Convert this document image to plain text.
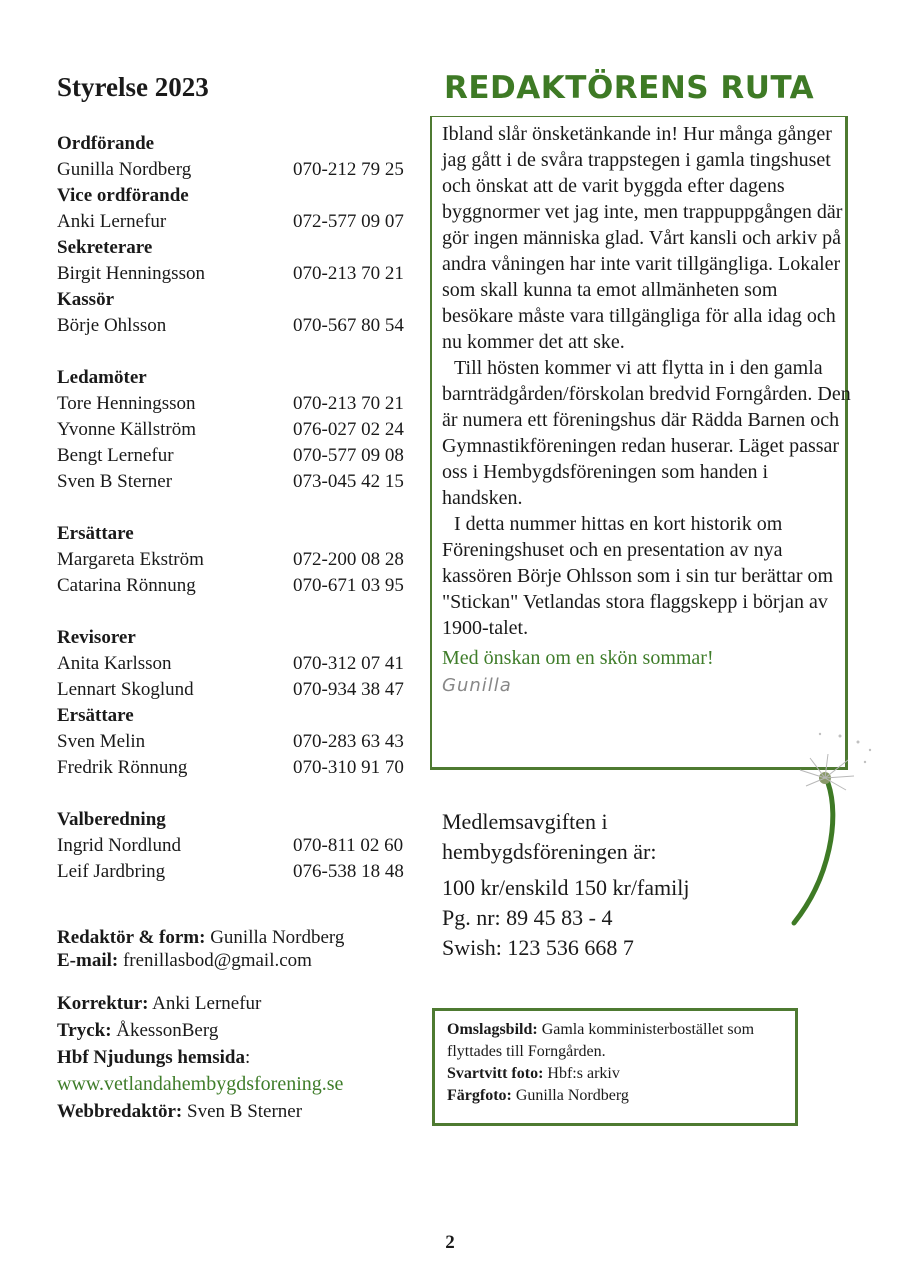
Styrelse 2023
Ordförande
Gunilla Nordberg	070-212 79 25
Vice ordförande
Anki Lernefur	072-577 09 07
Sekreterare
Birgit Henningsson	070-213 70 21
Kassör
Börje Ohlsson	070-567 80 54
Ledamöter
Tore Henningsson	070-213 70 21
Yvonne Källström	076-027 02 24
Bengt Lernefur	070-577 09 08
Sven B Sterner	073-045 42 15
Ersättare
Margareta Ekström	072-200 08 28
Catarina Rönnung	070-671 03 95
Revisorer
Anita Karlsson	070-312 07 41
Lennart Skoglund	070-934 38 47
Ersättare
Sven Melin	070-283 63 43
Fredrik Rönnung	070-310 91 70
Valberedning
Ingrid Nordlund	070-811 02 60
Leif Jardbring	076-538 18 48
Redaktör & form: Gunilla Nordberg
E-mail: frenillasbod@gmail.com
Korrektur: Anki Lernefur
Tryck: ÅkessonBerg
Hbf Njudungs hemsida:
www.vetlandahembygdsforening.se
Webbredaktör: Sven B Sterner
REDAKTÖRENS RUTA

Ibland slår önsketänkande in! Hur många gånger jag gått i de svåra trappstegen i gamla tingshuset och önskat att de varit byggda efter dagens byggnormer vet jag inte, men trappuppgången där gör ingen människa glad. Vårt kansli och arkiv på andra våningen har inte varit tillgängliga. Lokaler som skall kunna ta emot allmänheten som besökare måste vara tillgängliga för alla idag och nu kommer det att ske.

Till hösten kommer vi att flytta in i den gamla barnträdgården/förskolan bredvid Forngården. Den är numera ett föreningshus där Rädda Barnen och Gymnastikföreningen redan huserar. Läget passar oss i Hembygdsföreningen som handen i handsken.

I detta nummer hittas en kort historik om Föreningshuset och en presentation av nya kassören Börje Ohlsson som i sin tur berättar om "Stickan" Vetlandas stora flaggskepp i början av 1900-talet.

Med önskan om en skön sommar!

Gunilla

Medlemsavgiften i
hembygdsföreningen är:
100 kr/enskild 150 kr/familj
Pg. nr: 89 45 83 - 4
Swish: 123 536 668 7
Omslagsbild: Gamla komministerbostället som flyttades till Forngården.
Svartvitt foto: Hbf:s arkiv
Färgfoto: Gunilla Nordberg
2
